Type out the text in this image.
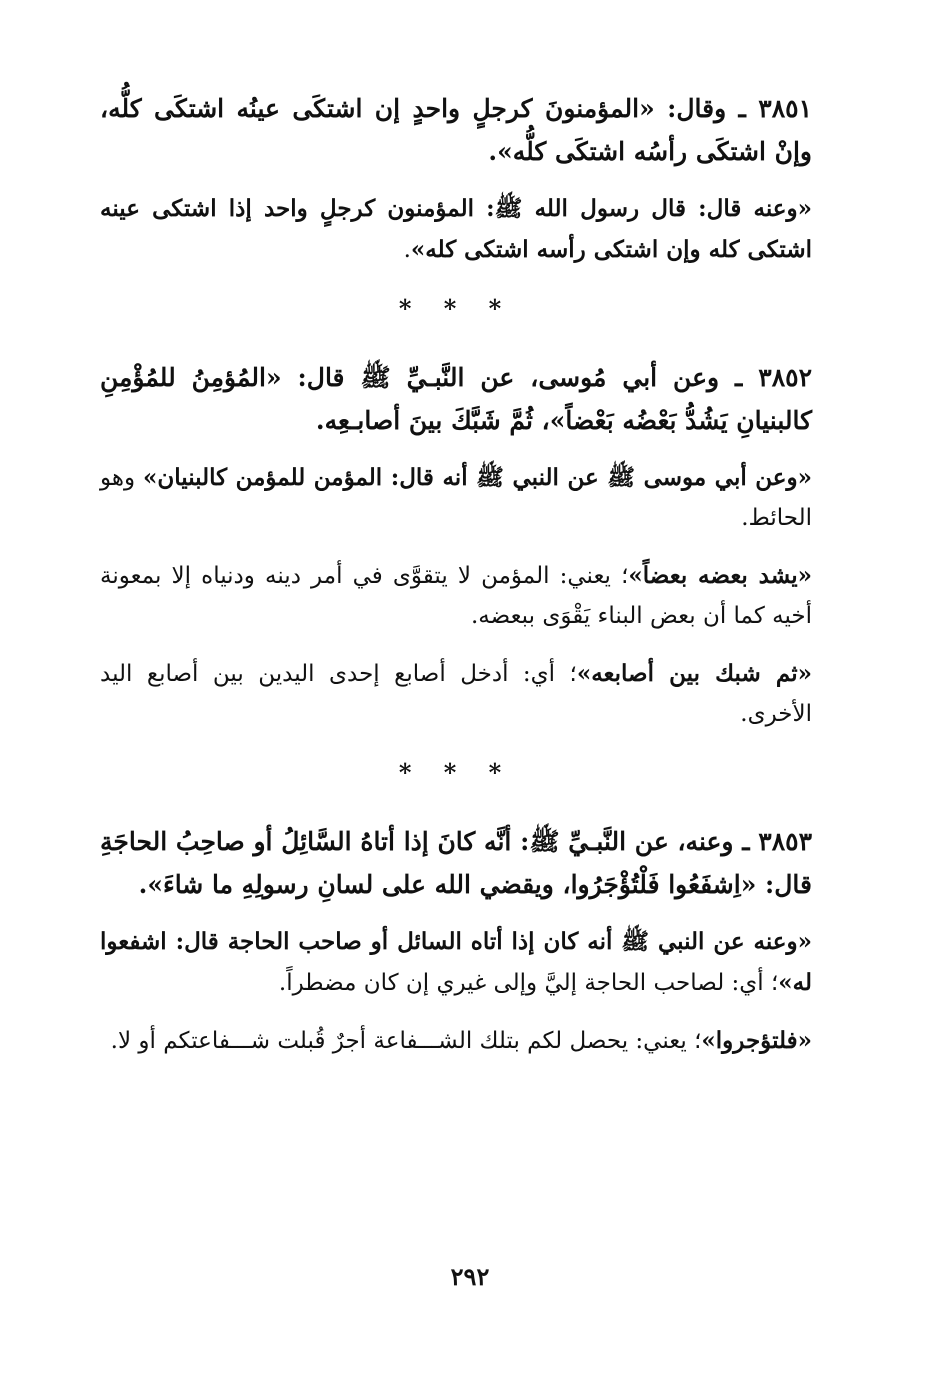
٣٨٥١ ـ وقال: «المؤمنونَ كرجلٍ واحدٍ إن اشتكَى عينُه اشتكَى كلُّه، وإنْ اشتكَى رأسُه اشتكَى كلُّه».

«وعنه قال: قال رسول الله ﷺ: المؤمنون كرجلٍ واحد إذا اشتكى عينه اشتكى كله وإن اشتكى رأسه اشتكى كله».

* * *

٣٨٥٢ ـ وعن أبي مُوسى، عن النَّبـيِّ ﷺ قال: «المُؤمِنُ للمُؤْمِنِ كالبنيانِ يَشُدُّ بَعْضُه بَعْضاً»، ثُمَّ شَبَّكَ بينَ أصابـعِه.

«وعن أبي موسى ﷺ عن النبي ﷺ أنه قال: المؤمن للمؤمن كالبنيان» وهو الحائط.

«يشد بعضه بعضاً»؛ يعني: المؤمن لا يتقوَّى في أمر دينه ودنياه إلا بمعونة أخيه كما أن بعض البناء يَقْوَى ببعضه.

«ثم شبك بين أصابعه»؛ أي: أدخل أصابع إحدى اليدين بين أصابع اليد الأخرى.

* * *

٣٨٥٣ ـ وعنه، عن النَّبـيِّ ﷺ: أنَّه كانَ إذا أتاهُ السَّائِلُ أو صاحِبُ الحاجَةِ قال: «اِشفَعُوا فَلْتُؤْجَرُوا، ويقضي الله على لسانِ رسولِهِ ما شاءَ».

«وعنه عن النبي ﷺ أنه كان إذا أتاه السائل أو صاحب الحاجة قال: اشفعوا له»؛ أي: لصاحب الحاجة إليَّ وإلى غيري إن كان مضطراً.

«فلتؤجروا»؛ يعني: يحصل لكم بتلك الشـــفاعة أجرٌ قُبلت شـــفاعتكم أو لا.

٢٩٢
